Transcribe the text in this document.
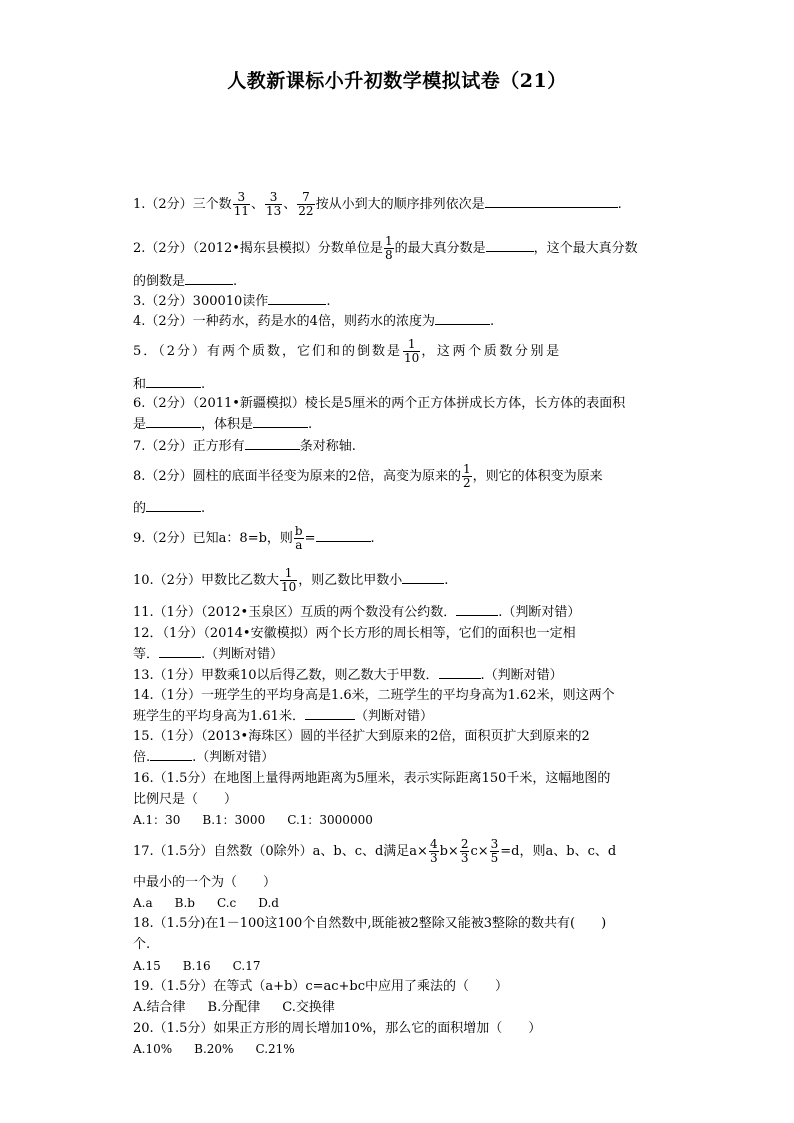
人教新课标小升初数学模拟试卷（21）
1.（2分）三个数 $\frac{3}{11}$ 、 $\frac{3}{13}$ 、 $\frac{7}{22}$ 按从小到大的顺序排列依次是	.
2.（2分）（2012•揭东县模拟）分数单位是 $\frac{1}{8}$ 的最大真分数是	，这个最大真分数
的倒数是	.
3.（2分）300010读作	.
4.（2分）一种药水，药是水的4倍，则药水的浓度为	.
5．（2分）有两个质数，它们和的倒数是 $\frac{1}{10}$ ，这两个质数分别是
和	.
6.（2分）（2011•新疆模拟）棱长是5厘米的两个正方体拼成长方体，长方体的表面积
是	，体积是	.
7.（2分）正方形有	条对称轴.
8.（2分）圆柱的底面半径变为原来的2倍，高变为原来的 $\frac{1}{2}$ ，则它的体积变为原来
的	.
9.（2分）已知a：8=b，则 $\frac{b}{a}$ =	.
10.（2分）甲数比乙数大 $\frac{1}{10}$ ，则乙数比甲数小	.
11.（1分）（2012•玉泉区）互质的两个数没有公约数．	.（判断对错）
12．（1分）（2014•安徽模拟）两个长方形的周长相等，它们的面积也一定相
等．	.（判断对错）
13.（1分）甲数乘10以后得乙数，则乙数大于甲数．	.（判断对错）
14.（1分）一班学生的平均身高是1.6米，二班学生的平均身高为1.62米，则这两个
班学生的平均身高为1.61米．	（判断对错）
15.（1分）（2013•海珠区）圆的半径扩大到原来的2倍，面积页扩大到原来的2
倍.	.（判断对错）
16.（1.5分）在地图上量得两地距离为5厘米，表示实际距离150千米，这幅地图的
比例尺是（　　）
A.1：30 B.1：3000 C.1：3000000
17.（1.5分）自然数（0除外）a、b、c、d满足$a\times \frac{4}{3} b\times \frac{2}{3} c\times \frac{3}{5} =d$，则a、b、c、d
中最小的一个为（　　）
A.a B.b C.c D.d
18.（1.5分)在1－100这100个自然数中,既能被2整除又能被3整除的数共有(　　)
个.
A.15 B.16 C.17
19.（1.5分）在等式（a+b）c=ac+bc中应用了乘法的（　　）
A.结合律 B.分配律 C.交换律
20.（1.5分）如果正方形的周长增加10%，那么它的面积增加（　　）
A.10% B.20% C.21%
